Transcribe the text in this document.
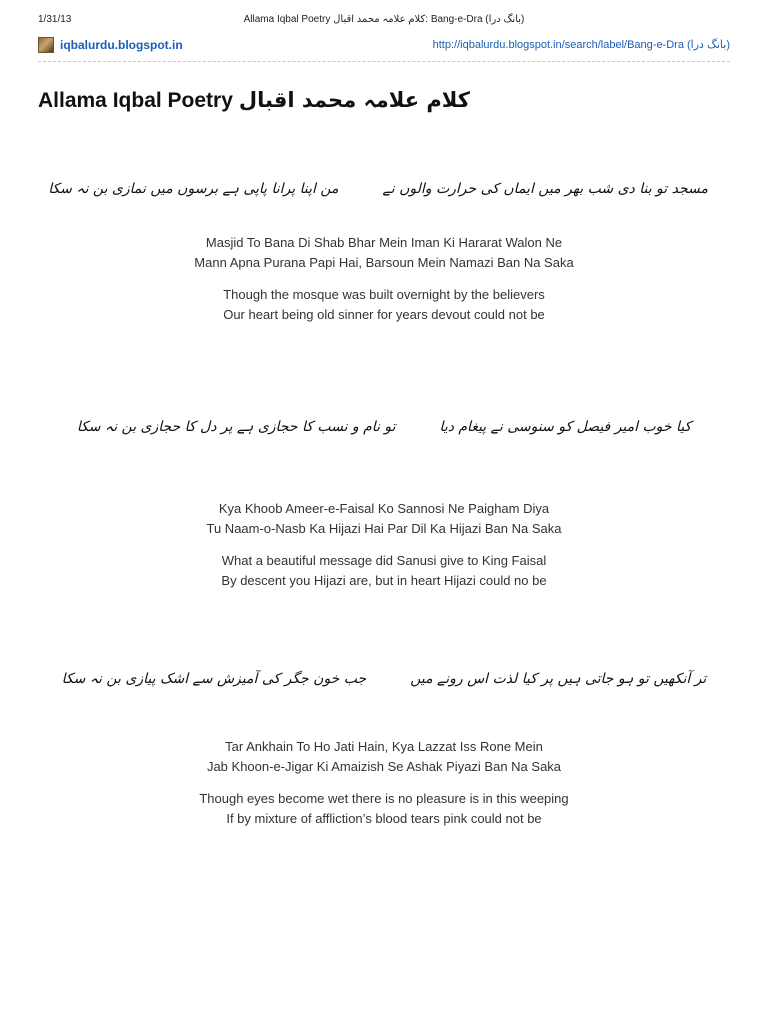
1/31/13	Allama Iqbal Poetry کلام علامہ محمد اقبال: Bang-e-Dra (بانگ درا)
iqbalurdu.blogspot.in	http://iqbalurdu.blogspot.in/search/label/Bang-e-Dra (بانگ درا)
Allama Iqbal Poetry کلام علامہ محمد اقبال
مسجد تو بنا دی شب بھر میں ایماں کی حرارت والوں نےمن اپنا پرانا پاپی ہے برسوں میں نمازی بن نہ سکا
Masjid To Bana Di Shab Bhar Mein Iman Ki Hararat Walon Ne
Mann Apna Purana Papi Hai, Barsoun Mein Namazi Ban Na Saka
Though the mosque was built overnight by the believers
Our heart being old sinner for years devout could not be
کیا خوب امیر فیصل کو سنوسی نے پیغام دیاتو نام و نسب کا حجازی ہے پر دل کا حجازی بن نہ سکا
Kya Khoob Ameer-e-Faisal Ko Sannosi Ne Paigham Diya
Tu Naam-o-Nasb Ka Hijazi Hai Par Dil Ka Hijazi Ban Na Saka
What a beautiful message did Sanusi give to King Faisal
By descent you Hijazi are, but in heart Hijazi could no be
تر آنکھیں تو ہو جاتی ہیں پر کیا لذت اس رونے میںجب خون جگر کی آمیزش سے اشک پیازی بن نہ سکا
Tar Ankhain To Ho Jati Hain, Kya Lazzat Iss Rone Mein
Jab Khoon-e-Jigar Ki Amaizish Se Ashak Piyazi Ban Na Saka
Though eyes become wet there is no pleasure is in this weeping
If by mixture of affliction’s blood tears pink could not be
